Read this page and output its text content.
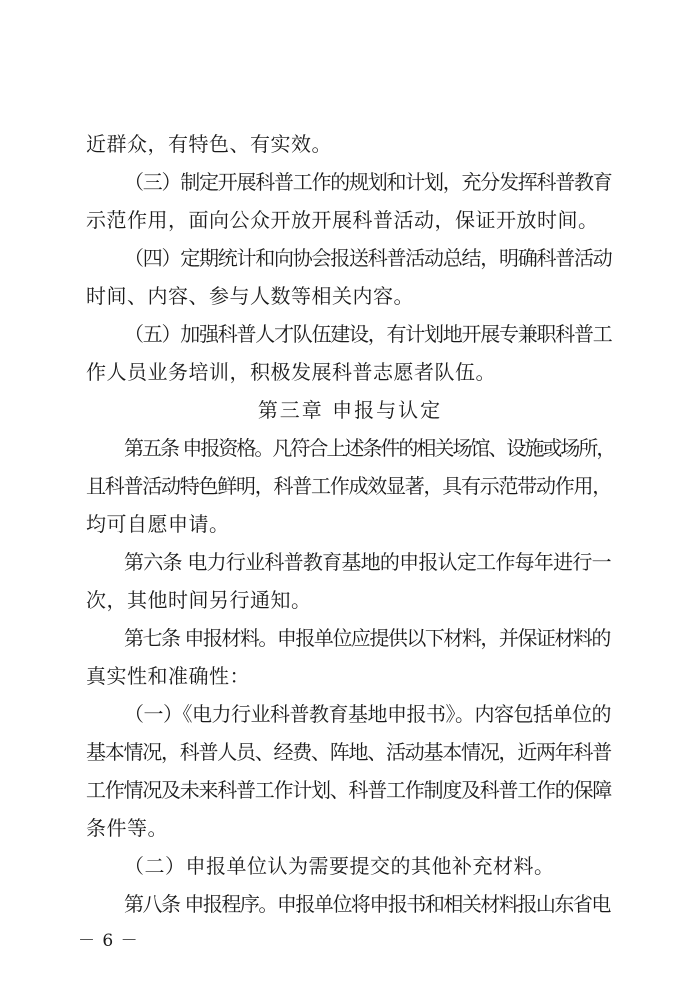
近群众，有特色、有实效。
（三）制定开展科普工作的规划和计划，充分发挥科普教育
示范作用，面向公众开放开展科普活动，保证开放时间。
（四）定期统计和向协会报送科普活动总结，明确科普活动
时间、内容、参与人数等相关内容。
（五）加强科普人才队伍建设，有计划地开展专兼职科普工
作人员业务培训，积极发展科普志愿者队伍。
第三章 申报与认定
第五条 申报资格。凡符合上述条件的相关场馆、设施或场所，
且科普活动特色鲜明，科普工作成效显著，具有示范带动作用，
均可自愿申请。
第六条 电力行业科普教育基地的申报认定工作每年进行一
次，其他时间另行通知。
第七条 申报材料。申报单位应提供以下材料，并保证材料的
真实性和准确性：
（一）《电力行业科普教育基地申报书》。内容包括单位的
基本情况，科普人员、经费、阵地、活动基本情况，近两年科普
工作情况及未来科普工作计划、科普工作制度及科普工作的保障
条件等。
（二）申报单位认为需要提交的其他补充材料。
第八条 申报程序。申报单位将申报书和相关材料报山东省电
－ 6 －
